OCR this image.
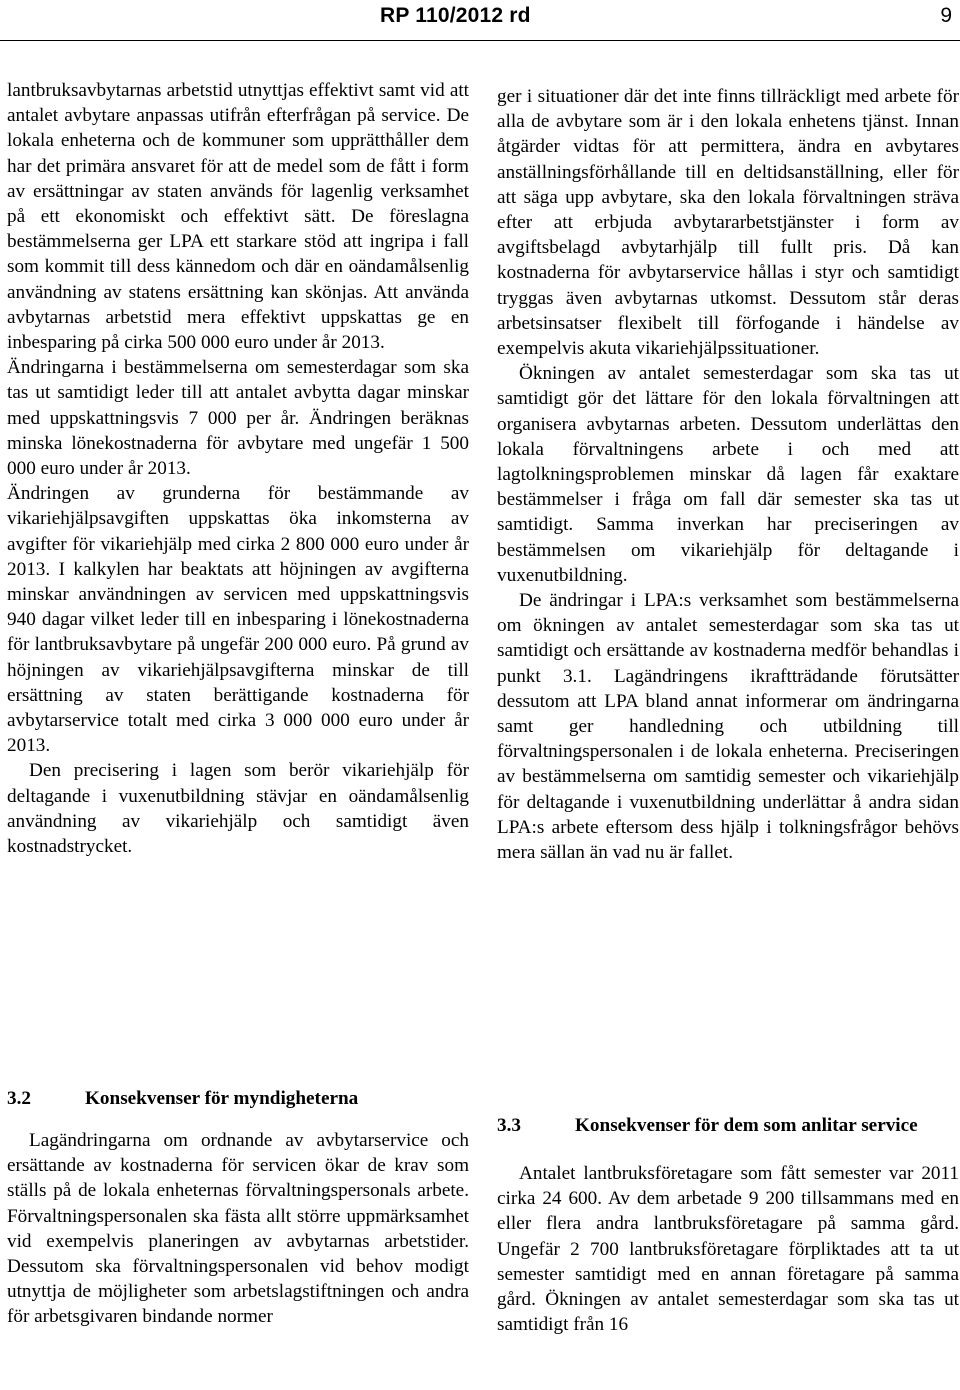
RP 110/2012 rd	9

lantbruksavbytarnas arbetstid utnyttjas effektivt samt vid att antalet avbytare anpassas utifrån efterfrågan på service. De lokala enheterna och de kommuner som upprätthåller dem har det primära ansvaret för att de medel som de fått i form av ersättningar av staten används för lagenlig verksamhet på ett ekonomiskt och effektivt sätt. De föreslagna bestämmelserna ger LPA ett starkare stöd att ingripa i fall som kommit till dess kännedom och där en oändamålsenlig användning av statens ersättning kan skönjas. Att använda avbytarnas arbetstid mera effektivt uppskattas ge en inbesparing på cirka 500 000 euro under år 2013.

Ändringarna i bestämmelserna om semesterdagar som ska tas ut samtidigt leder till att antalet avbytta dagar minskar med uppskattningsvis 7 000 per år. Ändringen beräknas minska lönekostnaderna för avbytare med ungefär 1 500 000 euro under år 2013.

Ändringen av grunderna för bestämmande av vikariehjälpsavgiften uppskattas öka inkomsterna av avgifter för vikariehjälp med cirka 2 800 000 euro under år 2013. I kalkylen har beaktats att höjningen av avgifterna minskar användningen av servicen med uppskattningsvis 940 dagar vilket leder till en inbesparing i lönekostnaderna för lantbruksavbytare på ungefär 200 000 euro. På grund av höjningen av vikariehjälpsavgifterna minskar de till ersättning av staten berättigande kostnaderna för avbytarservice totalt med cirka 3 000 000 euro under år 2013.

Den precisering i lagen som berör vikariehjälp för deltagande i vuxenutbildning stävjar en oändamålsenlig användning av vikariehjälp och samtidigt även kostnadstrycket.

ger i situationer där det inte finns tillräckligt med arbete för alla de avbytare som är i den lokala enhetens tjänst. Innan åtgärder vidtas för att permittera, ändra en avbytares anställningsförhållande till en deltidsanställning, eller för att säga upp avbytare, ska den lokala förvaltningen sträva efter att erbjuda avbytararbetstjänster i form av avgiftsbelagd avbytarhjälp till fullt pris. Då kan kostnaderna för avbytarservice hållas i styr och samtidigt tryggas även avbytarnas utkomst. Dessutom står deras arbetsinsatser flexibelt till förfogande i händelse av exempelvis akuta vikariehjälpssituationer.

Ökningen av antalet semesterdagar som ska tas ut samtidigt gör det lättare för den lokala förvaltningen att organisera avbytarnas arbeten. Dessutom underlättas den lokala förvaltningens arbete i och med att lagtolkningsproblemen minskar då lagen får exaktare bestämmelser i fråga om fall där semester ska tas ut samtidigt. Samma inverkan har preciseringen av bestämmelsen om vikariehjälp för deltagande i vuxenutbildning.

De ändringar i LPA:s verksamhet som bestämmelserna om ökningen av antalet semesterdagar som ska tas ut samtidigt och ersättande av kostnaderna medför behandlas i punkt 3.1. Lagändringens ikraftträdande förutsätter dessutom att LPA bland annat informerar om ändringarna samt ger handledning och utbildning till förvaltningspersonalen i de lokala enheterna. Preciseringen av bestämmelserna om samtidig semester och vikariehjälp för deltagande i vuxenutbildning underlättar å andra sidan LPA:s arbete eftersom dess hjälp i tolkningsfrågor behövs mera sällan än vad nu är fallet.

3.2	Konsekvenser för myndigheterna

Lagändringarna om ordnande av avbytarservice och ersättande av kostnaderna för servicen ökar de krav som ställs på de lokala enheternas förvaltningspersonals arbete. Förvaltningspersonalen ska fästa allt större uppmärksamhet vid exempelvis planeringen av avbytarnas arbetstider. Dessutom ska förvaltningspersonalen vid behov modigt utnyttja de möjligheter som arbetslagstiftningen och andra för arbetsgivaren bindande normer

3.3	Konsekvenser för dem som anlitar service

Antalet lantbruksföretagare som fått semester var 2011 cirka 24 600. Av dem arbetade 9 200 tillsammans med en eller flera andra lantbruksföretagare på samma gård. Ungefär 2 700 lantbruksföretagare förpliktades att ta ut semester samtidigt med en annan företagare på samma gård. Ökningen av antalet semesterdagar som ska tas ut samtidigt från 16
